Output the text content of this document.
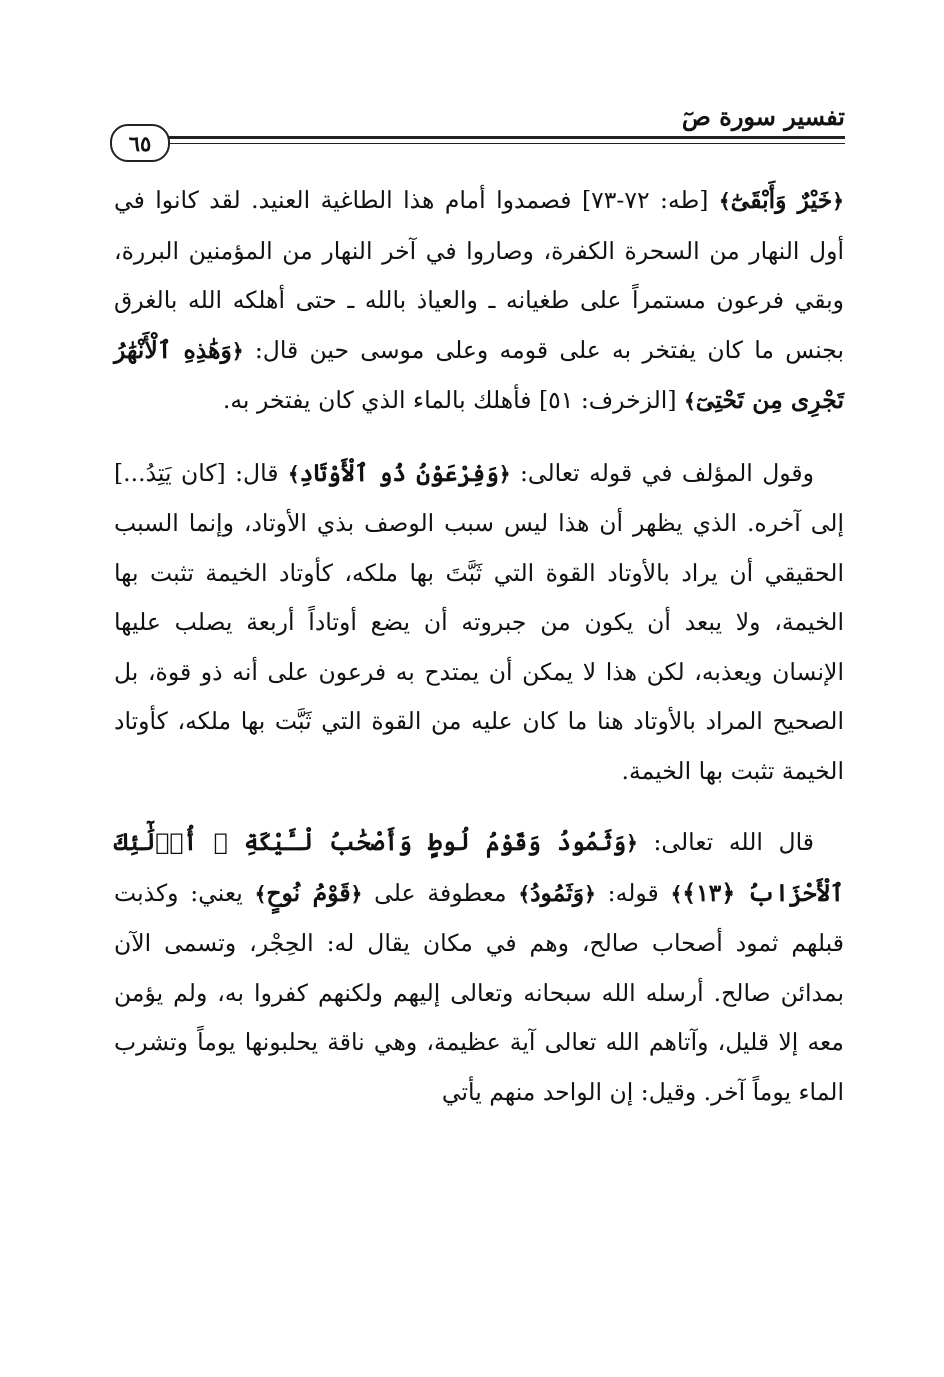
٦٥
تفسير سورة صٓ

﴿خَيْرٌ وَأَبْقَىٰٓ﴾ [طه: ٧٢-٧٣] فصمدوا أمام هذا الطاغية العنيد. لقد كانوا في أول النهار من السحرة الكفرة، وصاروا في آخر النهار من المؤمنين البررة، وبقي فرعون مستمراً على طغيانه ـ والعياذ بالله ـ حتى أهلكه الله بالغرق بجنس ما كان يفتخر به على قومه وعلى موسى حين قال: ﴿وَهَٰذِهِ ٱلْأَنْهَٰرُ تَجْرِى مِن تَحْتِىٓ﴾ [الزخرف: ٥١] فأهلك بالماء الذي كان يفتخر به.

وقول المؤلف في قوله تعالى: ﴿وَفِرْعَوْنُ ذُو ٱلْأَوْتَادِ﴾ قال: [كان يَتِدُ...] إلى آخره. الذي يظهر أن هذا ليس سبب الوصف بذي الأوتاد، وإنما السبب الحقيقي أن يراد بالأوتاد القوة التي ثَبَّتَ بها ملكه، كأوتاد الخيمة تثبت بها الخيمة، ولا يبعد أن يكون من جبروته أن يضع أوتاداً أربعة يصلب عليها الإنسان ويعذبه، لكن هذا لا يمكن أن يمتدح به فرعون على أنه ذو قوة، بل الصحيح المراد بالأوتاد هنا ما كان عليه من القوة التي ثَبَّت بها ملكه، كأوتاد الخيمة تثبت بها الخيمة.

قال الله تعالى: ﴿وَثَمُودُ وَقَوْمُ لُوطٍ وَأَصْحَٰبُ لْـَٔيْكَةِ ۚ أُو۟لَٰٓئِكَ ٱلْأَحْزَابُ ﴿١٣﴾﴾ قوله: ﴿وَثَمُودُ﴾ معطوفة على ﴿قَوْمُ نُوحٍ﴾ يعني: وكذبت قبلهم ثمود أصحاب صالح، وهم في مكان يقال له: الحِجْر، وتسمى الآن بمدائن صالح. أرسله الله سبحانه وتعالى إليهم ولكنهم كفروا به، ولم يؤمن معه إلا قليل، وآتاهم الله تعالى آية عظيمة، وهي ناقة يحلبونها يوماً وتشرب الماء يوماً آخر. وقيل: إن الواحد منهم يأتي
